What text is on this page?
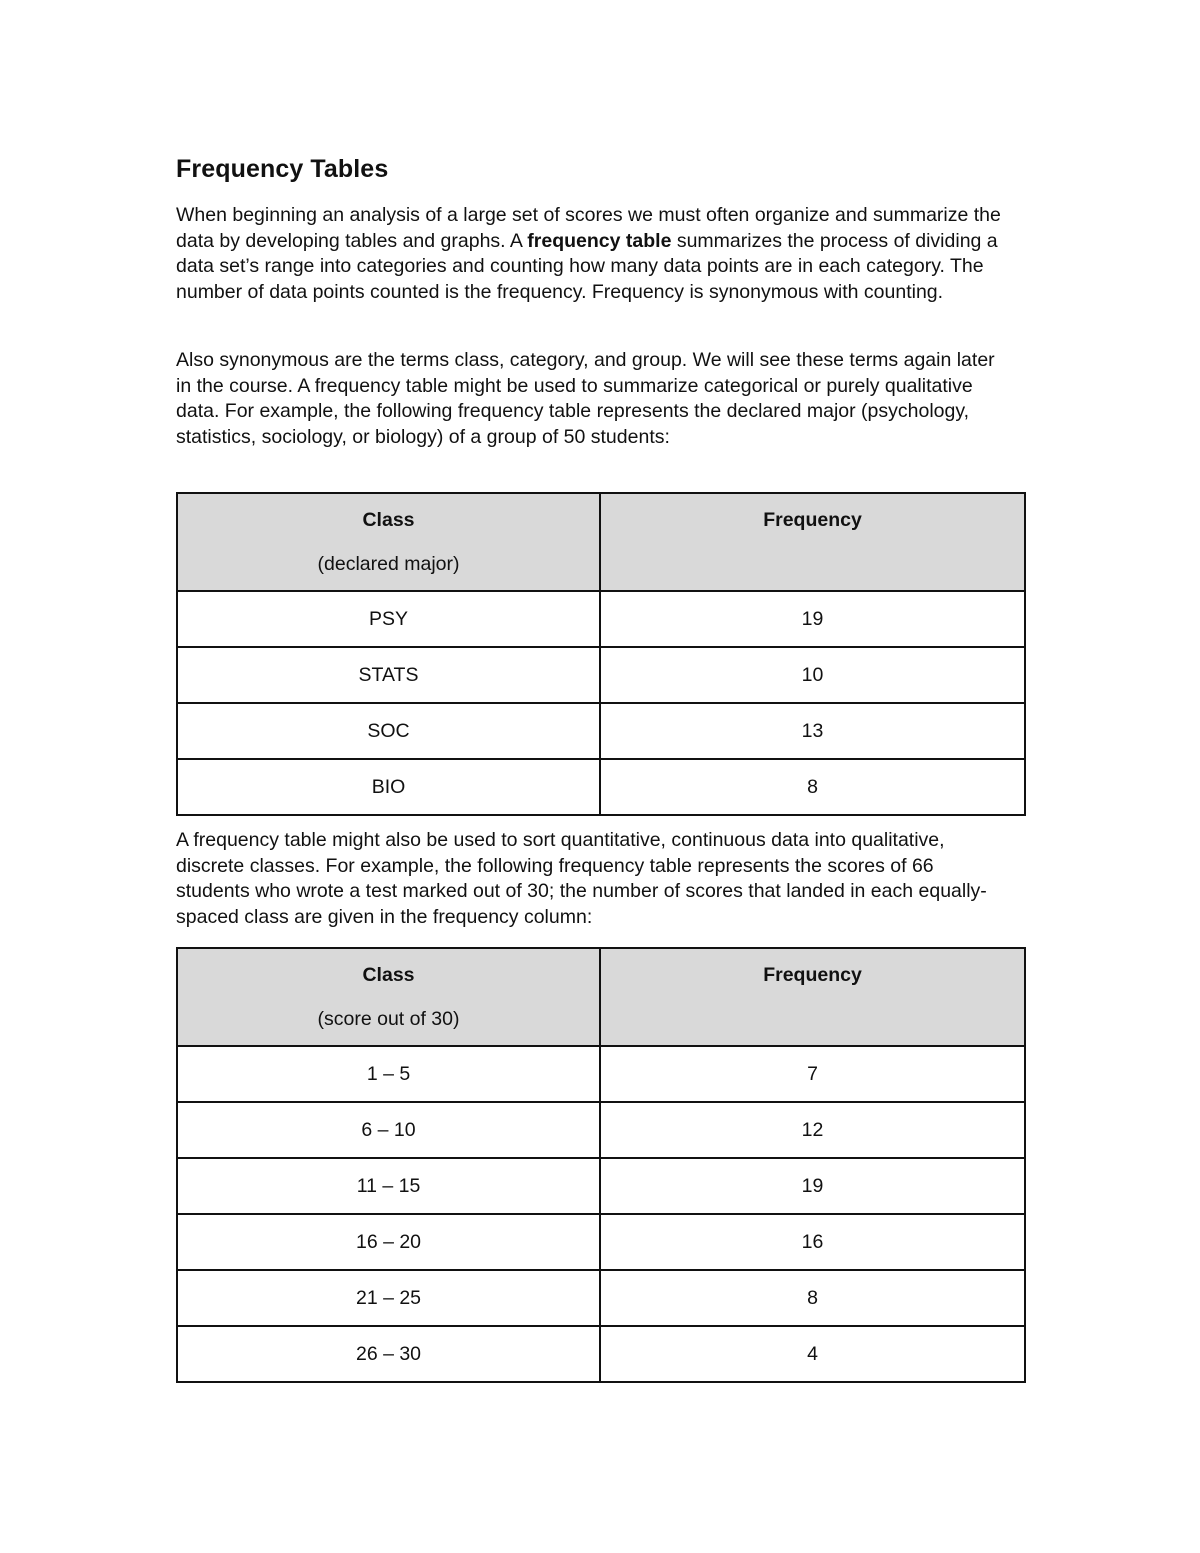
Frequency Tables

When beginning an analysis of a large set of scores we must often organize and summarize the data by developing tables and graphs. A frequency table summarizes the process of dividing a data set’s range into categories and counting how many data points are in each category. The number of data points counted is the frequency. Frequency is synonymous with counting.

Also synonymous are the terms class, category, and group. We will see these terms again later in the course. A frequency table might be used to summarize categorical or purely qualitative data. For example, the following frequency table represents the declared major (psychology, statistics, sociology, or biology) of a group of 50 students:

Class
(declared major)	Frequency

PSY	19
STATS	10
SOC	13
BIO	8

A frequency table might also be used to sort quantitative, continuous data into qualitative, discrete classes. For example, the following frequency table represents the scores of 66 students who wrote a test marked out of 30; the number of scores that landed in each equally-spaced class are given in the frequency column:

Class
(score out of 30)	Frequency

1 – 5	7
6 – 10	12
11 – 15	19
16 – 20	16
21 – 25	8
26 – 30	4
